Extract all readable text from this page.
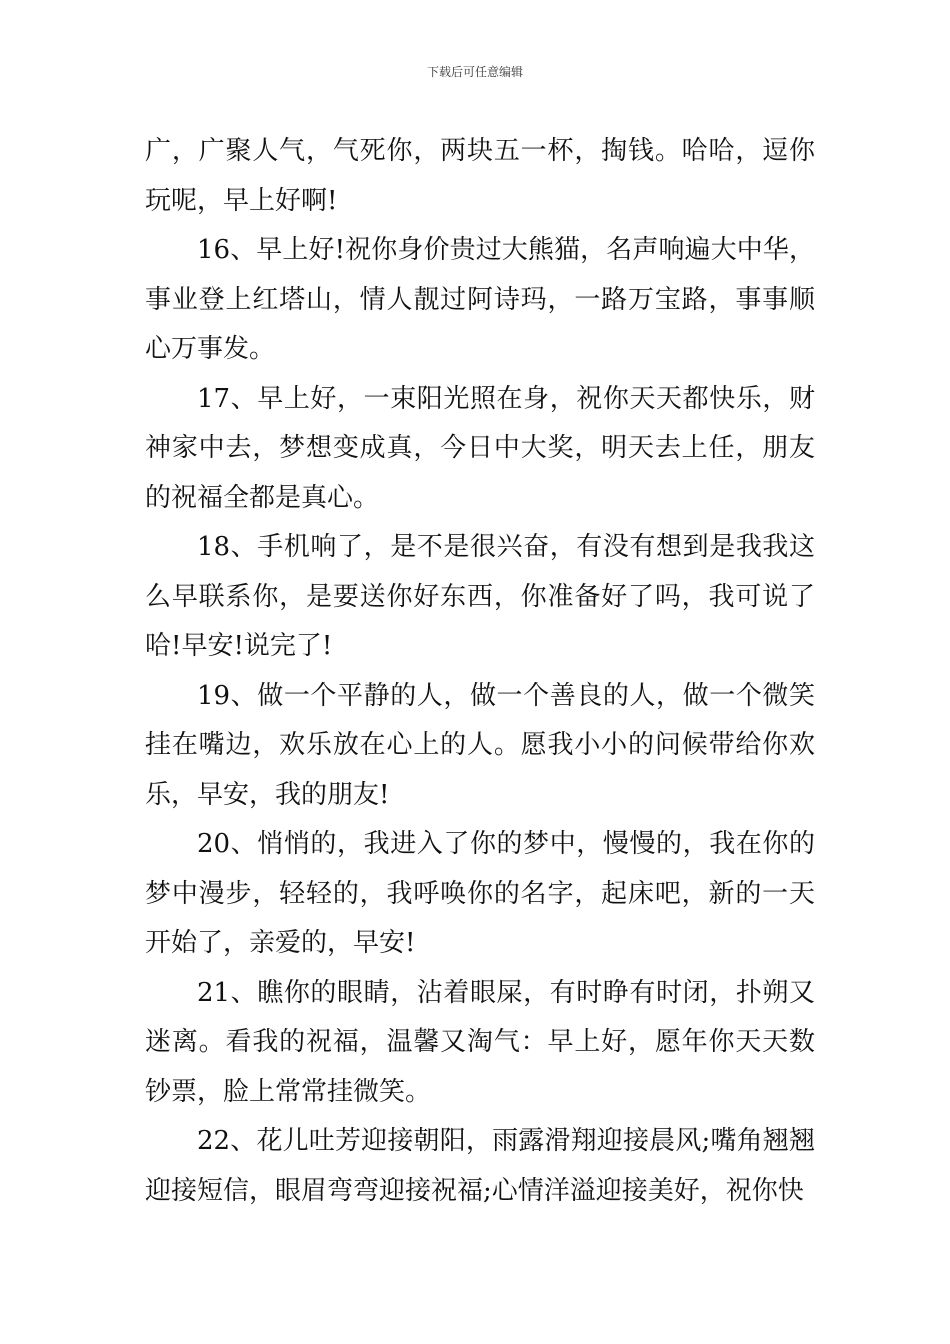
下载后可任意编辑

广，广聚人气，气死你，两块五一杯，掏钱。哈哈，逗你玩呢，早上好啊!

16、早上好!祝你身价贵过大熊猫，名声响遍大中华，事业登上红塔山，情人靓过阿诗玛，一路万宝路，事事顺心万事发。

17、早上好，一束阳光照在身，祝你天天都快乐，财神家中去，梦想变成真，今日中大奖，明天去上任，朋友的祝福全都是真心。

18、手机响了，是不是很兴奋，有没有想到是我我这么早联系你，是要送你好东西，你准备好了吗，我可说了哈!早安!说完了!

19、做一个平静的人，做一个善良的人，做一个微笑挂在嘴边，欢乐放在心上的人。愿我小小的问候带给你欢乐，早安，我的朋友!

20、悄悄的，我进入了你的梦中，慢慢的，我在你的梦中漫步，轻轻的，我呼唤你的名字，起床吧，新的一天开始了，亲爱的，早安!

21、瞧你的眼睛，沾着眼屎，有时睁有时闭，扑朔又迷离。看我的祝福，温馨又淘气：早上好，愿年你天天数钞票，脸上常常挂微笑。

22、花儿吐芳迎接朝阳，雨露滑翔迎接晨风;嘴角翘翘迎接短信，眼眉弯弯迎接祝福;心情洋溢迎接美好，祝你快
